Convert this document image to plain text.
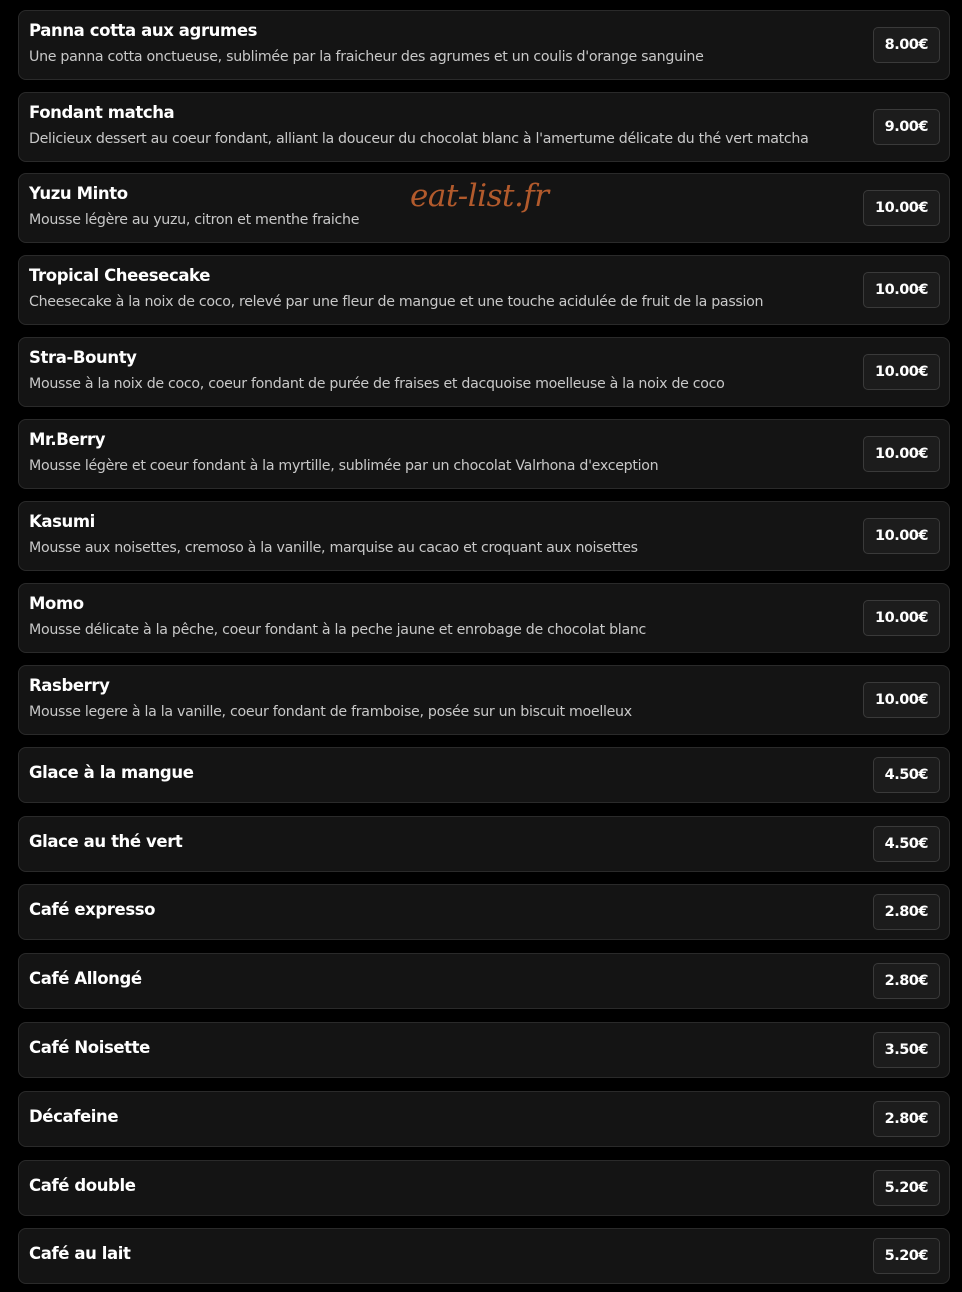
Panna cotta aux agrumes
Une panna cotta onctueuse, sublimée par la fraicheur des agrumes et un coulis d'orange sanguine
8.00€
Fondant matcha
Delicieux dessert au coeur fondant, alliant la douceur du chocolat blanc à l'amertume délicate du thé vert matcha
9.00€
Yuzu Minto
Mousse légère au yuzu, citron et menthe fraiche
10.00€
Tropical Cheesecake
Cheesecake à la noix de coco, relevé par une fleur de mangue et une touche acidulée de fruit de la passion
10.00€
Stra-Bounty
Mousse à la noix de coco, coeur fondant de purée de fraises et dacquoise moelleuse à la noix de coco
10.00€
Mr.Berry
Mousse légère et coeur fondant à la myrtille, sublimée par un chocolat Valrhona d'exception
10.00€
Kasumi
Mousse aux noisettes, cremoso à la vanille, marquise au cacao et croquant aux noisettes
10.00€
Momo
Mousse délicate à la pêche, coeur fondant à la peche jaune et enrobage de chocolat blanc
10.00€
Rasberry
Mousse legere à la la vanille, coeur fondant de framboise, posée sur un biscuit moelleux
10.00€
Glace à la mangue	4.50€
Glace au thé vert	4.50€
Café expresso	2.80€
Café Allongé	2.80€
Café Noisette	3.50€
Décafeine	2.80€
Café double	5.20€
Café au lait	5.20€
eat-list.fr
